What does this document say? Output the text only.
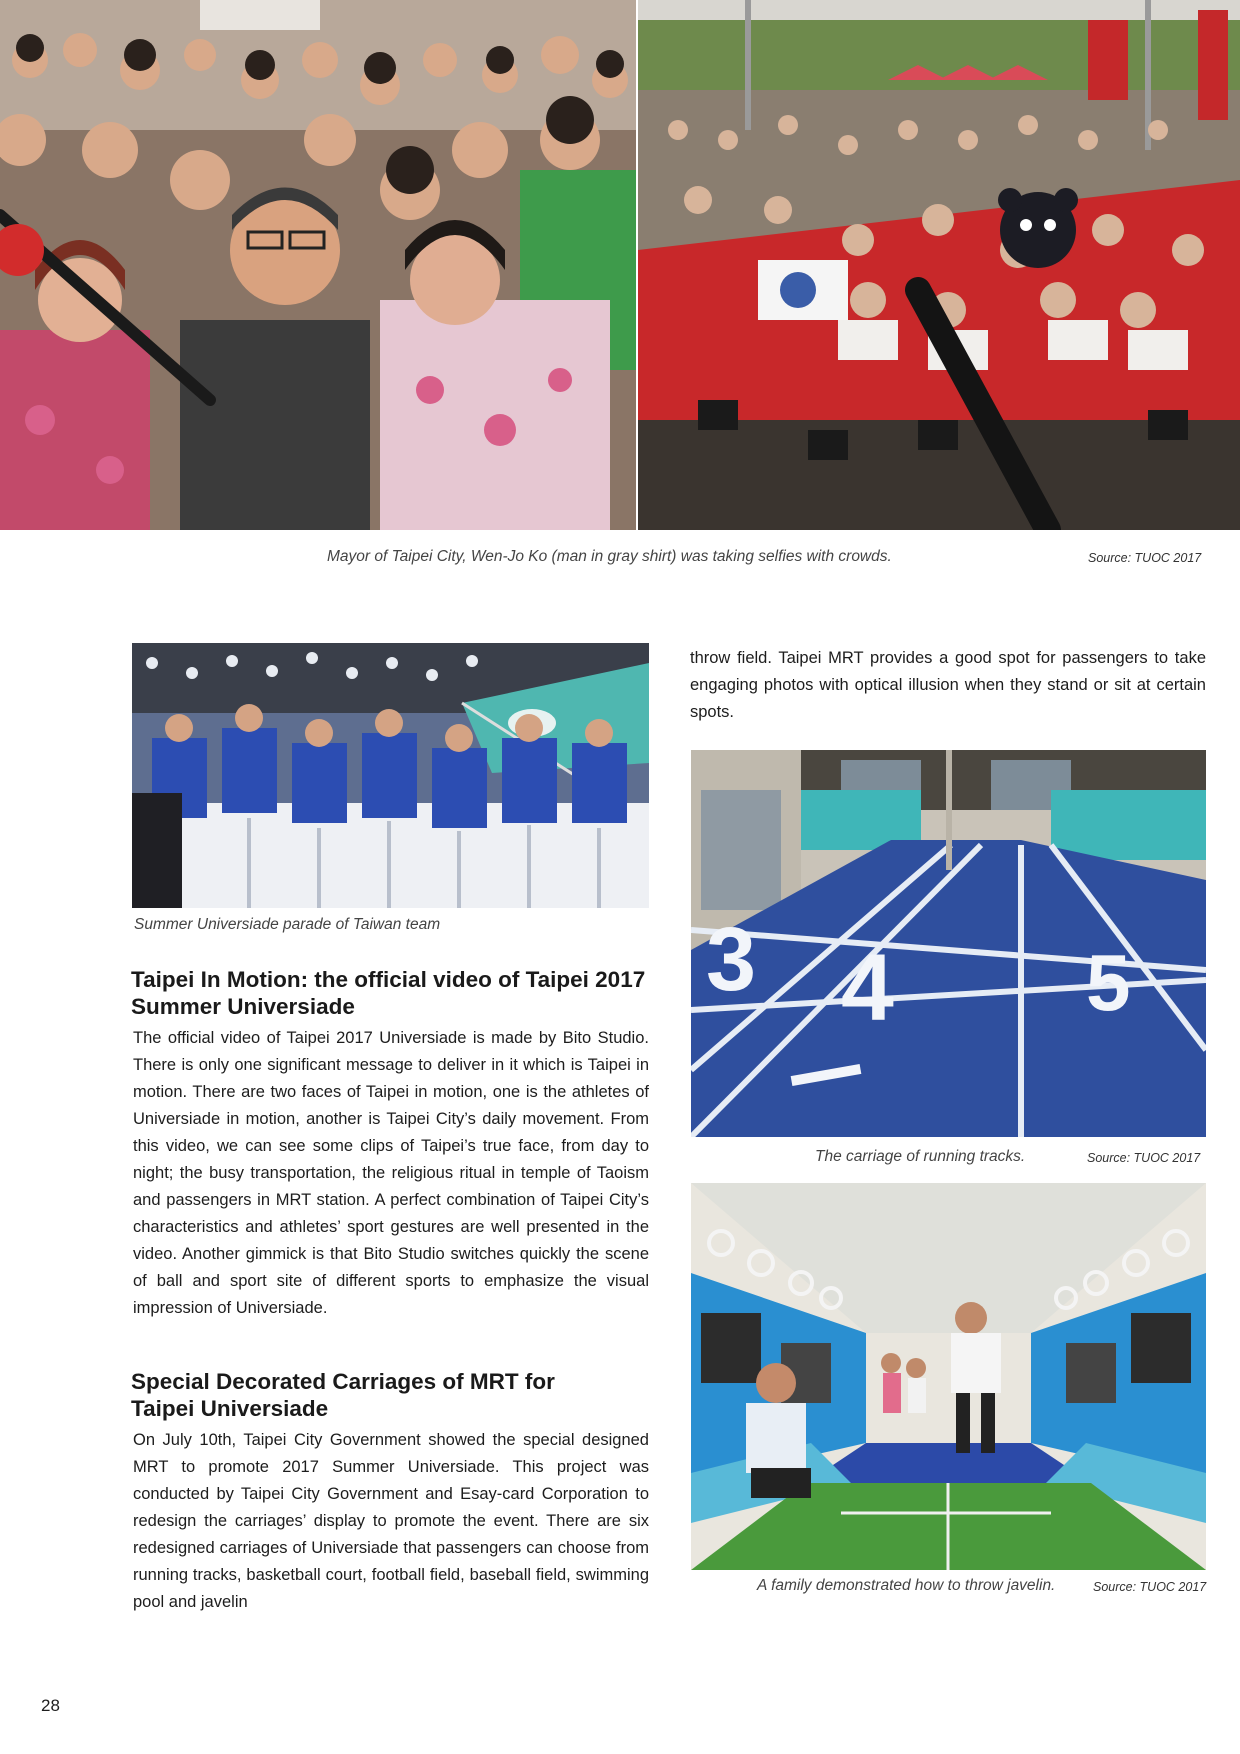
Mayor of Taipei City, Wen-Jo Ko (man in gray shirt) was taking selfies with crowds.	Source: TUOC 2017
Summer Universiade parade of Taiwan team
Taipei In Motion: the official video of Taipei 2017
Summer Universiade
The official video of Taipei 2017 Universiade is made by Bito Studio. There is only one significant message to deliver in it which is Taipei in motion. There are two faces of Taipei in motion, one is the athletes of Universiade in motion, another is Taipei City’s daily movement. From this video, we can see some clips of Taipei’s true face, from day to night; the busy transportation, the religious ritual in temple of Taoism and passengers in MRT station. A perfect combination of Taipei City’s characteristics and athletes’ sport gestures are well presented in the video. Another gimmick is that Bito Studio switches quickly the scene of ball and sport site of different sports to emphasize the visual impression of Universiade.
Special Decorated Carriages of MRT for
Taipei Universiade
On July 10th, Taipei City Government showed the special designed MRT to promote 2017 Summer Universiade. This project was conducted by Taipei City Government and Esay-card Corporation to redesign the carriages’ display to promote the event. There are six redesigned carriages of Universiade that passengers can choose from running tracks, basketball court, football field, baseball field, swimming pool and javelin
throw field. Taipei MRT provides a good spot for passengers to take engaging photos with optical illusion when they stand or sit at certain spots.
3 4 5
The carriage of running tracks.	Source: TUOC 2017
A family demonstrated how to throw javelin.	Source: TUOC 2017
28
